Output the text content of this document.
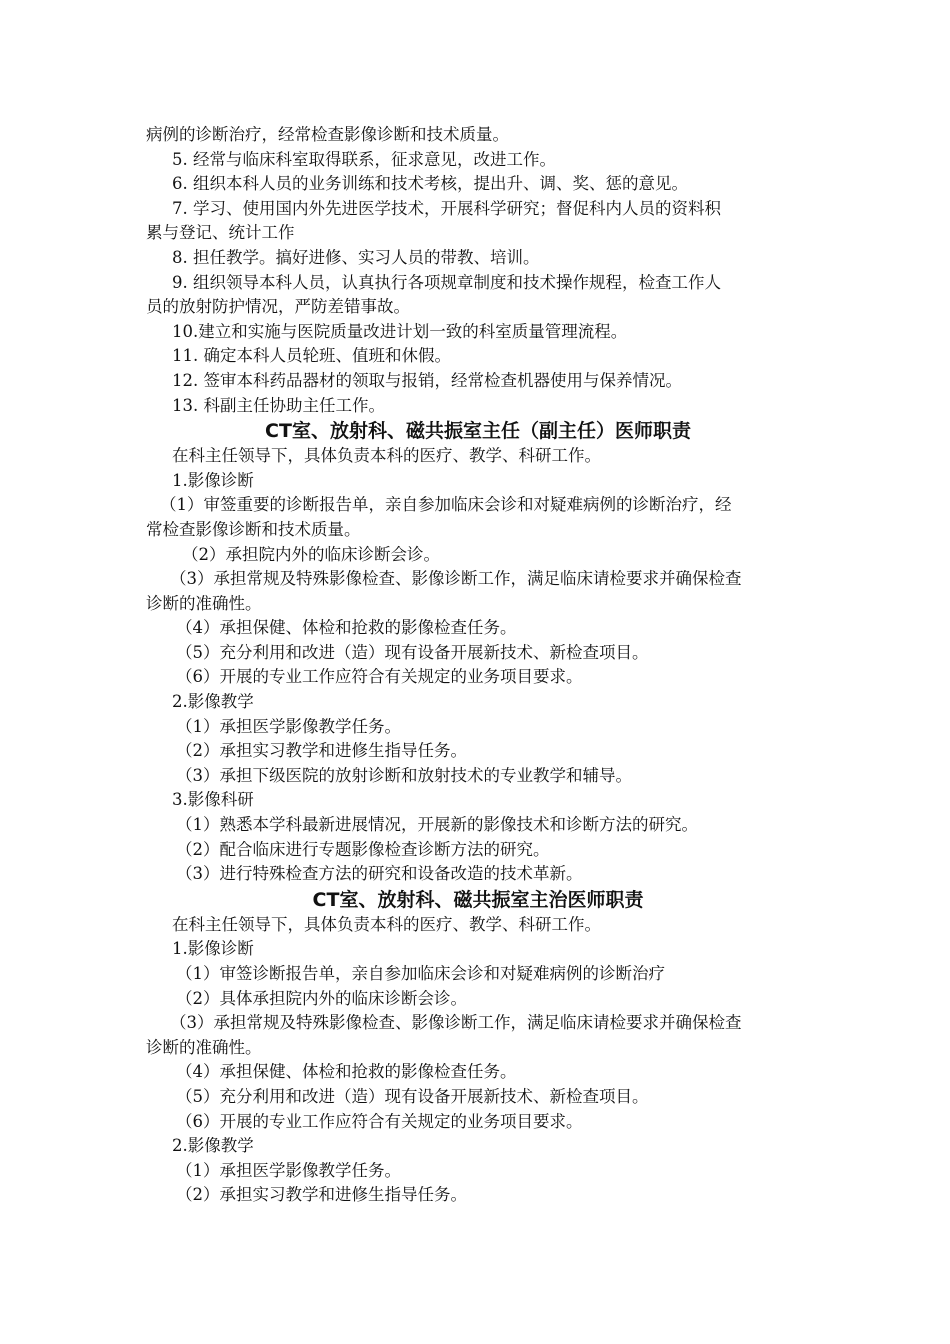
病例的诊断治疗，经常检查影像诊断和技术质量。
5. 经常与临床科室取得联系，征求意见，改进工作。
6. 组织本科人员的业务训练和技术考核，提出升、调、奖、惩的意见。
7. 学习、使用国内外先进医学技术，开展科学研究；督促科内人员的资料积
累与登记、统计工作
8. 担任教学。搞好进修、实习人员的带教、培训。
9. 组织领导本科人员，认真执行各项规章制度和技术操作规程，检查工作人
员的放射防护情况，严防差错事故。
10.建立和实施与医院质量改进计划一致的科室质量管理流程。
11. 确定本科人员轮班、值班和休假。
12. 签审本科药品器材的领取与报销，经常检查机器使用与保养情况。
13. 科副主任协助主任工作。
CT室、放射科、磁共振室主任（副主任）医师职责
在科主任领导下，具体负责本科的医疗、教学、科研工作。
1.影像诊断
（1）审签重要的诊断报告单，亲自参加临床会诊和对疑难病例的诊断治疗，经
常检查影像诊断和技术质量。
（2）承担院内外的临床诊断会诊。
（3）承担常规及特殊影像检查、影像诊断工作，满足临床请检要求并确保检查
诊断的准确性。
（4）承担保健、体检和抢救的影像检查任务。
（5）充分利用和改进（造）现有设备开展新技术、新检查项目。
（6）开展的专业工作应符合有关规定的业务项目要求。
2.影像教学
（1）承担医学影像教学任务。
（2）承担实习教学和进修生指导任务。
（3）承担下级医院的放射诊断和放射技术的专业教学和辅导。
3.影像科研
（1）熟悉本学科最新进展情况，开展新的影像技术和诊断方法的研究。
（2）配合临床进行专题影像检查诊断方法的研究。
（3）进行特殊检查方法的研究和设备改造的技术革新。
CT室、放射科、磁共振室主治医师职责
在科主任领导下，具体负责本科的医疗、教学、科研工作。
1.影像诊断
（1）审签诊断报告单，亲自参加临床会诊和对疑难病例的诊断治疗
（2）具体承担院内外的临床诊断会诊。
（3）承担常规及特殊影像检查、影像诊断工作，满足临床请检要求并确保检查
诊断的准确性。
（4）承担保健、体检和抢救的影像检查任务。
（5）充分利用和改进（造）现有设备开展新技术、新检查项目。
（6）开展的专业工作应符合有关规定的业务项目要求。
2.影像教学
（1）承担医学影像教学任务。
（2）承担实习教学和进修生指导任务。
